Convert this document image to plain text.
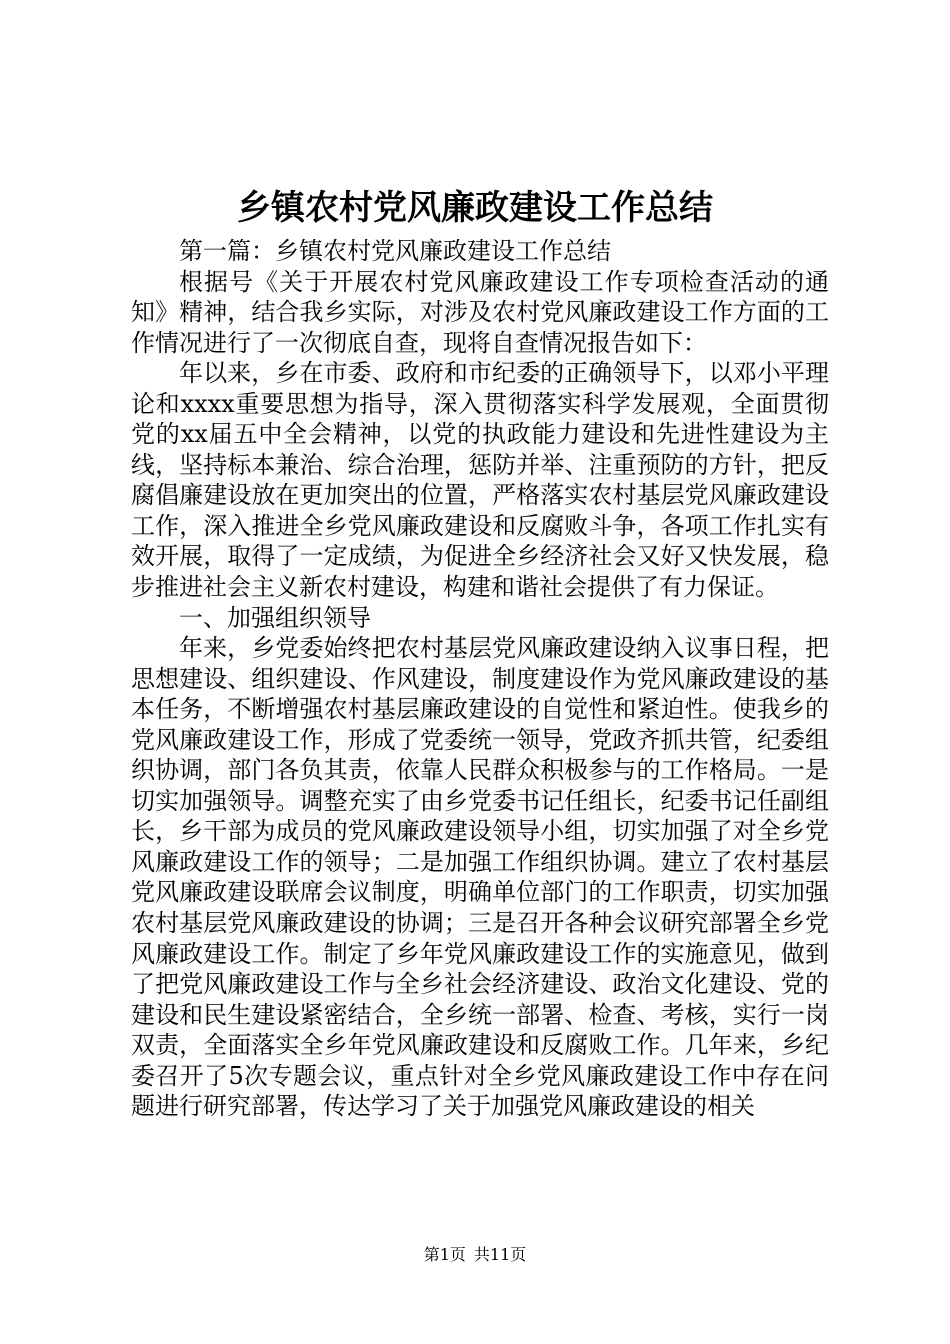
乡镇农村党风廉政建设工作总结

第一篇：乡镇农村党风廉政建设工作总结

根据号《关于开展农村党风廉政建设工作专项检查活动的通知》精神，结合我乡实际，对涉及农村党风廉政建设工作方面的工作情况进行了一次彻底自查，现将自查情况报告如下：

年以来，乡在市委、政府和市纪委的正确领导下，以邓小平理论和xxxx重要思想为指导，深入贯彻落实科学发展观，全面贯彻党的xx届五中全会精神，以党的执政能力建设和先进性建设为主线，坚持标本兼治、综合治理，惩防并举、注重预防的方针，把反腐倡廉建设放在更加突出的位置，严格落实农村基层党风廉政建设工作，深入推进全乡党风廉政建设和反腐败斗争，各项工作扎实有效开展，取得了一定成绩，为促进全乡经济社会又好又快发展，稳步推进社会主义新农村建设，构建和谐社会提供了有力保证。

一、加强组织领导

年来，乡党委始终把农村基层党风廉政建设纳入议事日程，把思想建设、组织建设、作风建设，制度建设作为党风廉政建设的基本任务，不断增强农村基层廉政建设的自觉性和紧迫性。使我乡的党风廉政建设工作，形成了党委统一领导，党政齐抓共管，纪委组织协调，部门各负其责，依靠人民群众积极参与的工作格局。一是切实加强领导。调整充实了由乡党委书记任组长，纪委书记任副组长，乡干部为成员的党风廉政建设领导小组，切实加强了对全乡党风廉政建设工作的领导；二是加强工作组织协调。建立了农村基层党风廉政建设联席会议制度，明确单位部门的工作职责，切实加强农村基层党风廉政建设的协调；三是召开各种会议研究部署全乡党风廉政建设工作。制定了乡年党风廉政建设工作的实施意见，做到了把党风廉政建设工作与全乡社会经济建设、政治文化建设、党的建设和民生建设紧密结合，全乡统一部署、检查、考核，实行一岗双责，全面落实全乡年党风廉政建设和反腐败工作。几年来，乡纪委召开了5次专题会议，重点针对全乡党风廉政建设工作中存在问题进行研究部署，传达学习了关于加强党风廉政建设的相关

第1页 共11页
